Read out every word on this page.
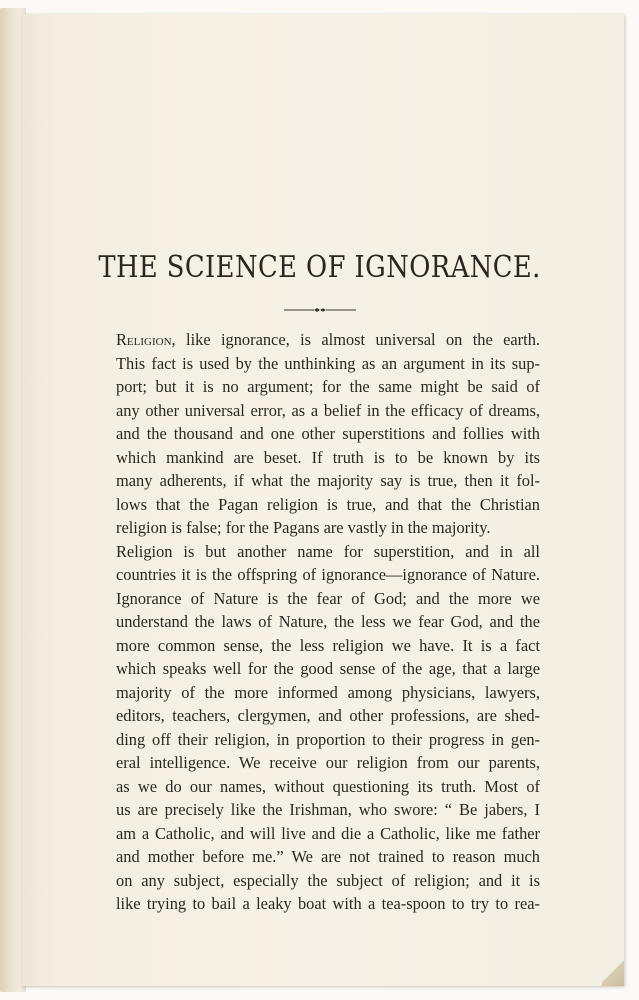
THE SCIENCE OF IGNORANCE.

Religion, like ignorance, is almost universal on the earth.
This fact is used by the unthinking as an argument in its sup-
port; but it is no argument; for the same might be said of
any other universal error, as a belief in the efficacy of dreams,
and the thousand and one other superstitions and follies with
which mankind are beset. If truth is to be known by its
many adherents, if what the majority say is true, then it fol-
lows that the Pagan religion is true, and that the Christian
religion is false; for the Pagans are vastly in the majority.

Religion is but another name for superstition, and in all
countries it is the offspring of ignorance—ignorance of Nature.
Ignorance of Nature is the fear of God; and the more we
understand the laws of Nature, the less we fear God, and the
more common sense, the less religion we have. It is a fact
which speaks well for the good sense of the age, that a large
majority of the more informed among physicians, lawyers,
editors, teachers, clergymen, and other professions, are shed-
ding off their religion, in proportion to their progress in gen-
eral intelligence. We receive our religion from our parents,
as we do our names, without questioning its truth. Most of
us are precisely like the Irishman, who swore: “ Be jabers, I
am a Catholic, and will live and die a Catholic, like me father
and mother before me.” We are not trained to reason much
on any subject, especially the subject of religion; and it is
like trying to bail a leaky boat with a tea-spoon to try to rea-
